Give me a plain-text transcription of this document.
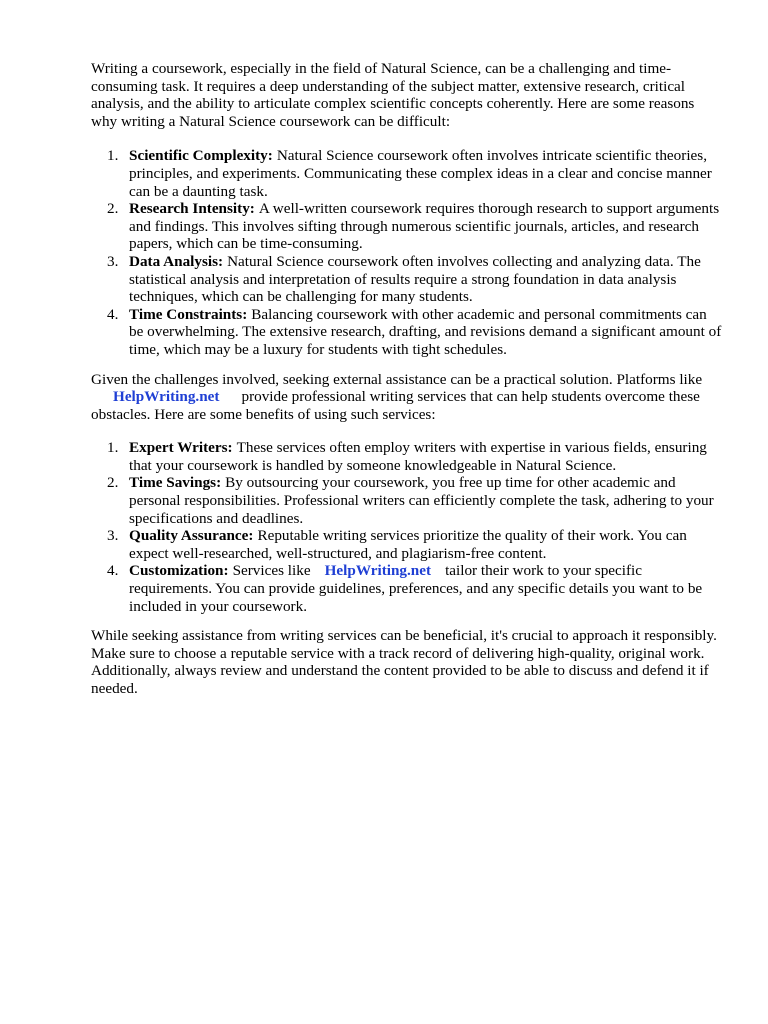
Writing a coursework, especially in the field of Natural Science, can be a challenging and time-consuming task. It requires a deep understanding of the subject matter, extensive research, critical analysis, and the ability to articulate complex scientific concepts coherently. Here are some reasons why writing a Natural Science coursework can be difficult:

1. Scientific Complexity: Natural Science coursework often involves intricate scientific theories, principles, and experiments. Communicating these complex ideas in a clear and concise manner can be a daunting task.
2. Research Intensity: A well-written coursework requires thorough research to support arguments and findings. This involves sifting through numerous scientific journals, articles, and research papers, which can be time-consuming.
3. Data Analysis: Natural Science coursework often involves collecting and analyzing data. The statistical analysis and interpretation of results require a strong foundation in data analysis techniques, which can be challenging for many students.
4. Time Constraints: Balancing coursework with other academic and personal commitments can be overwhelming. The extensive research, drafting, and revisions demand a significant amount of time, which may be a luxury for students with tight schedules.

Given the challenges involved, seeking external assistance can be a practical solution. Platforms like HelpWriting.net provide professional writing services that can help students overcome these obstacles. Here are some benefits of using such services:

1. Expert Writers: These services often employ writers with expertise in various fields, ensuring that your coursework is handled by someone knowledgeable in Natural Science.
2. Time Savings: By outsourcing your coursework, you free up time for other academic and personal responsibilities. Professional writers can efficiently complete the task, adhering to your specifications and deadlines.
3. Quality Assurance: Reputable writing services prioritize the quality of their work. You can expect well-researched, well-structured, and plagiarism-free content.
4. Customization: Services like HelpWriting.net tailor their work to your specific requirements. You can provide guidelines, preferences, and any specific details you want to be included in your coursework.

While seeking assistance from writing services can be beneficial, it's crucial to approach it responsibly. Make sure to choose a reputable service with a track record of delivering high-quality, original work. Additionally, always review and understand the content provided to be able to discuss and defend it if needed.
